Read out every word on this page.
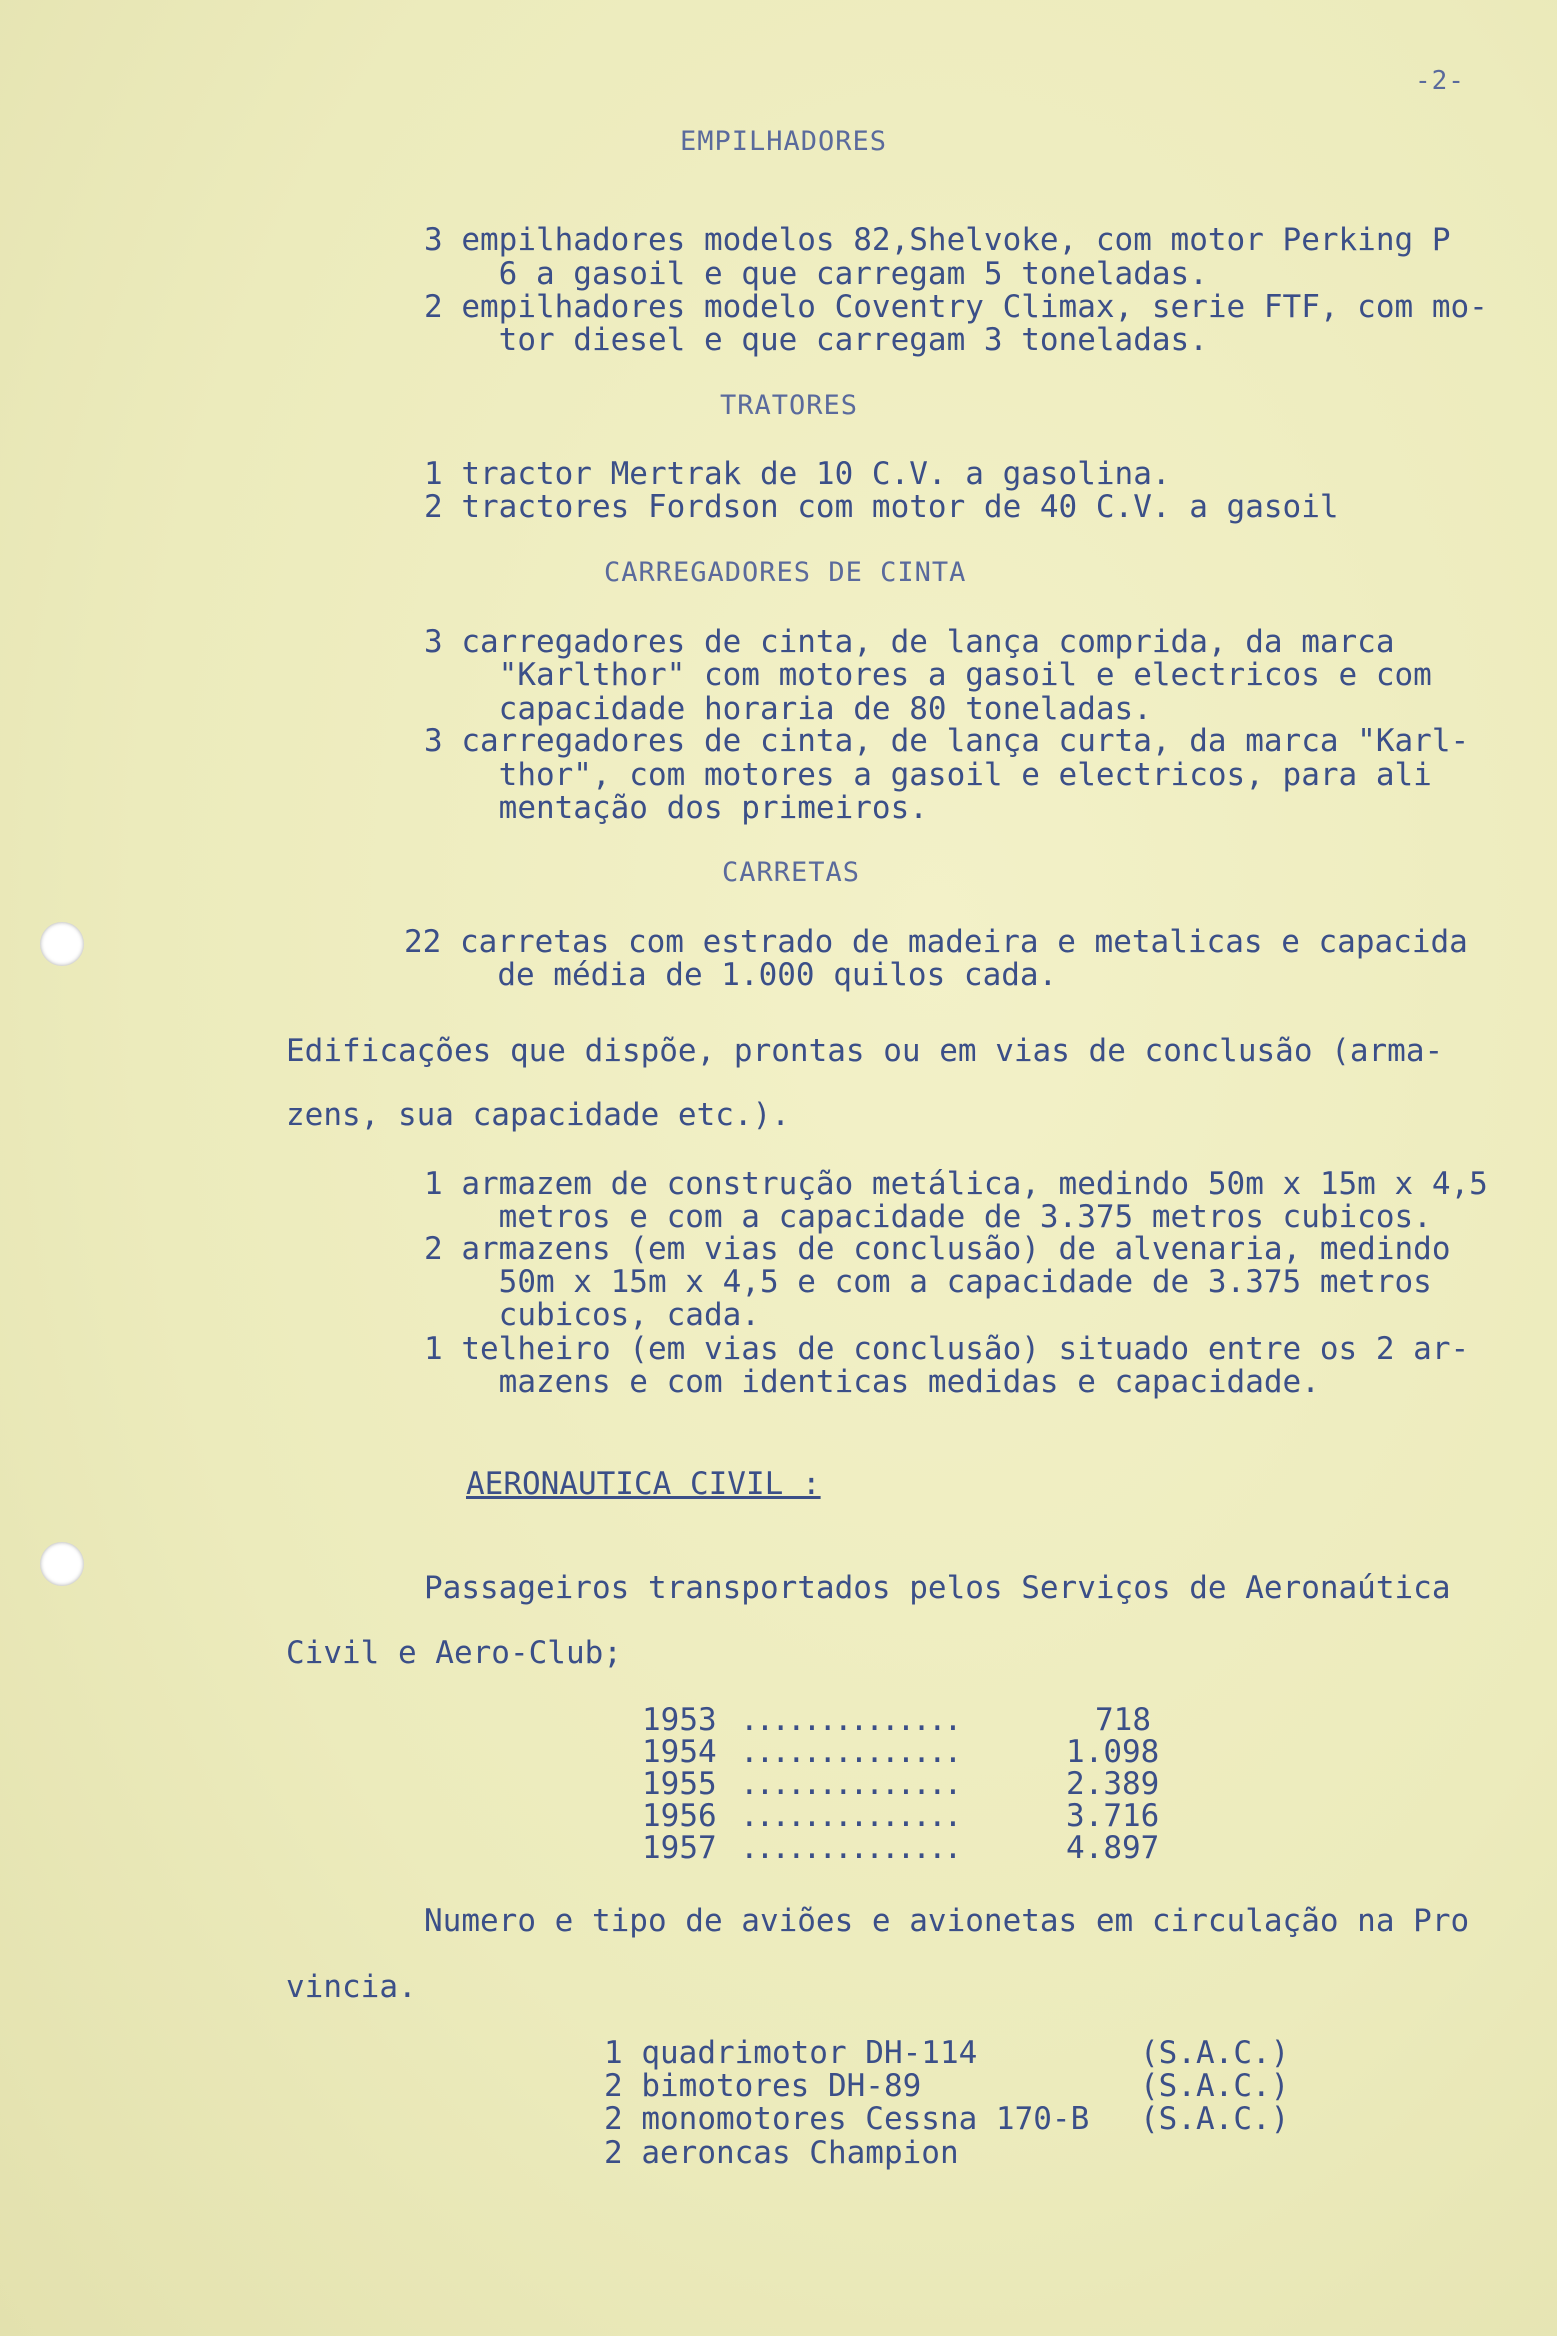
-2-
EMPILHADORES
3 empilhadores modelos 82,Shelvoke, com motor Perking P
6 a gasoil e que carregam 5 toneladas.
2 empilhadores modelo Coventry Climax, serie FTF, com mo-
tor diesel e que carregam 3 toneladas.
TRATORES
1 tractor Mertrak de 10 C.V. a gasolina.
2 tractores Fordson com motor de 40 C.V. a gasoil
CARREGADORES DE CINTA
3 carregadores de cinta, de lança comprida, da marca
"Karlthor" com motores a gasoil e electricos e com
capacidade horaria de 80 toneladas.
3 carregadores de cinta, de lança curta, da marca "Karl-
thor", com motores a gasoil e electricos, para ali
mentação dos primeiros.
CARRETAS
22 carretas com estrado de madeira e metalicas e capacida
de média de 1.000 quilos cada.
Edificações que dispõe, prontas ou em vias de conclusão (arma-
zens, sua capacidade etc.).
1 armazem de construção metálica, medindo 50m x 15m x 4,5
metros e com a capacidade de 3.375 metros cubicos.
2 armazens (em vias de conclusão) de alvenaria, medindo
50m x 15m x 4,5 e com a capacidade de 3.375 metros
cubicos, cada.
1 telheiro (em vias de conclusão) situado entre os 2 ar-
mazens e com identicas medidas e capacidade.
AERONAUTICA CIVIL :
Passageiros transportados pelos Serviços de Aeronaútica
Civil e Aero-Club;
1953 ..............	718
1954 ..............	1.098
1955 ..............	2.389
1956 ..............	3.716
1957 ..............	4.897
Numero e tipo de aviões e avionetas em circulação na Pro
vincia.
1 quadrimotor DH-114	(S.A.C.)
2 bimotores DH-89	(S.A.C.)
2 monomotores Cessna 170-B (S.A.C.)
2 aeroncas Champion
